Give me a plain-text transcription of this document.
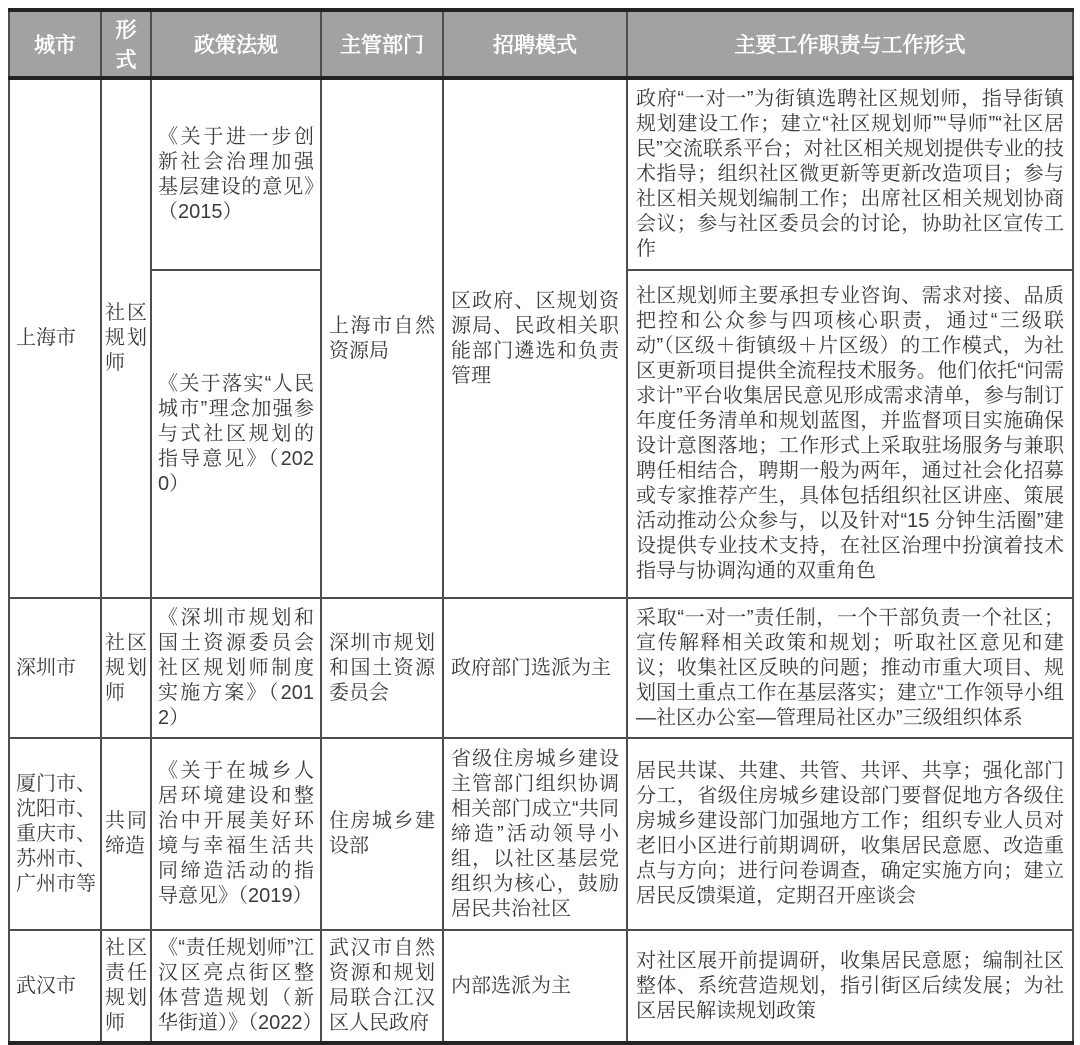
城市	形式	政策法规	主管部门	招聘模式	主要工作职责与工作形式
上海市	社区规划师	《关于进一步创新社会治理加强基层建设的意见》（2015）	上海市自然资源局	区政府、区规划资源局、民政相关职能部门遴选和负责管理	政府“一对一”为街镇选聘社区规划师，指导街镇规划建设工作；建立“社区规划师”“导师”“社区居民”交流联系平台；对社区相关规划提供专业的技术指导；组织社区微更新等更新改造项目；参与社区相关规划编制工作；出席社区相关规划协商会议；参与社区委员会的讨论，协助社区宣传工作
		《关于落实“人民城市”理念加强参与式社区规划的指导意见》（2020）			社区规划师主要承担专业咨询、需求对接、品质把控和公众参与四项核心职责，通过“三级联动”（区级＋街镇级＋片区级）的工作模式，为社区更新项目提供全流程技术服务。他们依托“问需求计”平台收集居民意见形成需求清单，参与制订年度任务清单和规划蓝图，并监督项目实施确保设计意图落地；工作形式上采取驻场服务与兼职聘任相结合，聘期一般为两年，通过社会化招募或专家推荐产生，具体包括组织社区讲座、策展活动推动公众参与，以及针对“15 分钟生活圈”建设提供专业技术支持，在社区治理中扮演着技术指导与协调沟通的双重角色
深圳市	社区规划师	《深圳市规划和国土资源委员会社区规划师制度实施方案》（2012）	深圳市规划和国土资源委员会	政府部门选派为主	采取“一对一”责任制，一个干部负责一个社区；宣传解释相关政策和规划；听取社区意见和建议；收集社区反映的问题；推动市重大项目、规划国土重点工作在基层落实；建立“工作领导小组—社区办公室—管理局社区办”三级组织体系
厦门市、沈阳市、重庆市、苏州市、广州市等	共同缔造	《关于在城乡人居环境建设和整治中开展美好环境与幸福生活共同缔造活动的指导意见》（2019）	住房城乡建设部	省级住房城乡建设主管部门组织协调相关部门成立“共同缔造”活动领导小组，以社区基层党组织为核心，鼓励居民共治社区	居民共谋、共建、共管、共评、共享；强化部门分工，省级住房城乡建设部门要督促地方各级住房城乡建设部门加强地方工作；组织专业人员对老旧小区进行前期调研，收集居民意愿、改造重点与方向；进行问卷调查，确定实施方向；建立居民反馈渠道，定期召开座谈会
武汉市	社区责任规划师	《“责任规划师”江汉区亮点街区整体营造规划（新华街道）》（2022）	武汉市自然资源和规划局联合江汉区人民政府	内部选派为主	对社区展开前提调研，收集居民意愿；编制社区整体、系统营造规划，指引街区后续发展；为社区居民解读规划政策
